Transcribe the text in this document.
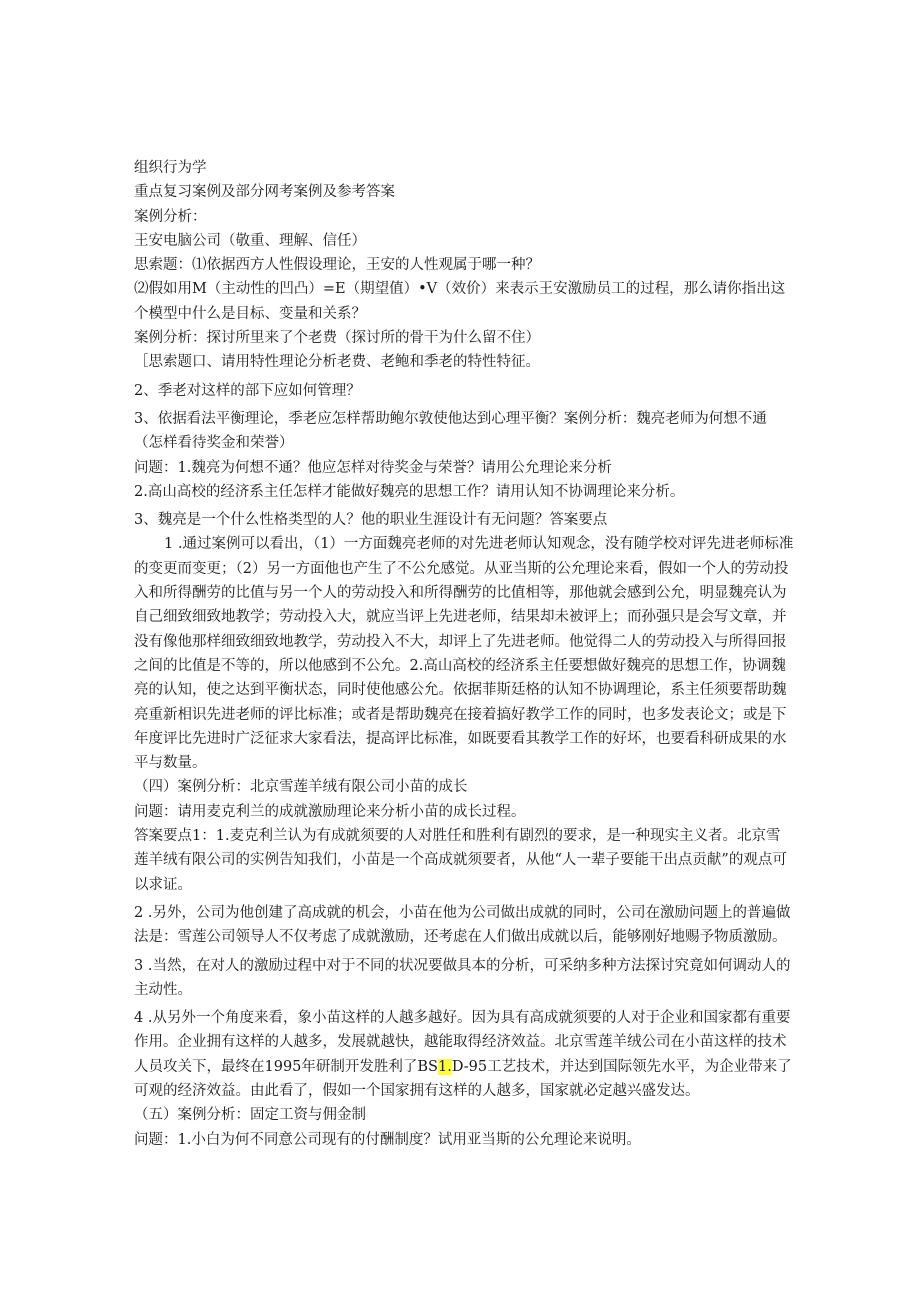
组织行为学

重点复习案例及部分网考案例及参考答案

案例分析：

王安电脑公司（敬重、理解、信任）

思索题：⑴依据西方人性假设理论，王安的人性观属于哪一种？

⑵假如用M（主动性的凹凸）=E（期望值）•V（效价）来表示王安激励员工的过程，那么请你指出这个模型中什么是目标、变量和关系？

案例分析：探讨所里来了个老费（探讨所的骨干为什么留不住）

［思索题口、请用特性理论分析老费、老鲍和季老的特性特征。

2、季老对这样的部下应如何管理？

3、依据看法平衡理论，季老应怎样帮助鲍尔敦使他达到心理平衡？案例分析：魏亮老师为何想不通（怎样看待奖金和荣誉）

问题：1.魏亮为何想不通？他应怎样对待奖金与荣誉？请用公允理论来分析

2.高山高校的经济系主任怎样才能做好魏亮的思想工作？请用认知不协调理论来分析。

3、魏亮是一个什么性格类型的人？他的职业生涯设计有无问题？答案要点

1 .通过案例可以看出，（1）一方面魏亮老师的对先进老师认知观念，没有随学校对评先进老师标准的变更而变更；（2）另一方面他也产生了不公允感觉。从亚当斯的公允理论来看，假如一个人的劳动投入和所得酬劳的比值与另一个人的劳动投入和所得酬劳的比值相等，那他就会感到公允，明显魏亮认为自己细致细致地教学；劳动投入大，就应当评上先进老师，结果却未被评上；而孙强只是会写文章，并没有像他那样细致细致地教学，劳动投入不大，却评上了先进老师。他觉得二人的劳动投入与所得回报之间的比值是不等的，所以他感到不公允。2.高山高校的经济系主任要想做好魏亮的思想工作，协调魏亮的认知，使之达到平衡状态，同时使他感公允。依据菲斯廷格的认知不协调理论，系主任须要帮助魏亮重新相识先进老师的评比标准；或者是帮助魏亮在接着搞好教学工作的同时，也多发表论文；或是下年度评比先进时广泛征求大家看法，提高评比标准，如既要看其教学工作的好坏，也要看科研成果的水平与数量。

（四）案例分析：北京雪莲羊绒有限公司小苗的成长

问题：请用麦克利兰的成就激励理论来分析小苗的成长过程。

答案要点1：1.麦克利兰认为有成就须要的人对胜任和胜利有剧烈的要求，是一种现实主义者。北京雪莲羊绒有限公司的实例告知我们，小苗是一个高成就须要者，从他“人一辈子要能干出点贡献”的观点可以求证。

2 .另外，公司为他创建了高成就的机会，小苗在他为公司做出成就的同时，公司在激励问题上的普遍做法是：雪莲公司领导人不仅考虑了成就激励，还考虑在人们做出成就以后，能够刚好地赐予物质激励。

3 .当然，在对人的激励过程中对于不同的状况要做具本的分析，可采纳多种方法探讨究竟如何调动人的主动性。

4 .从另外一个角度来看，象小苗这样的人越多越好。因为具有高成就须要的人对于企业和国家都有重要作用。企业拥有这样的人越多，发展就越快，越能取得经济效益。北京雪莲羊绒公司在小苗这样的技术人员攻关下，最终在1995年研制开发胜利了BS1.D-95工艺技术，并达到国际领先水平，为企业带来了可观的经济效益。由此看了，假如一个国家拥有这样的人越多，国家就必定越兴盛发达。

（五）案例分析：固定工资与佣金制

问题：1.小白为何不同意公司现有的付酬制度？试用亚当斯的公允理论来说明。
